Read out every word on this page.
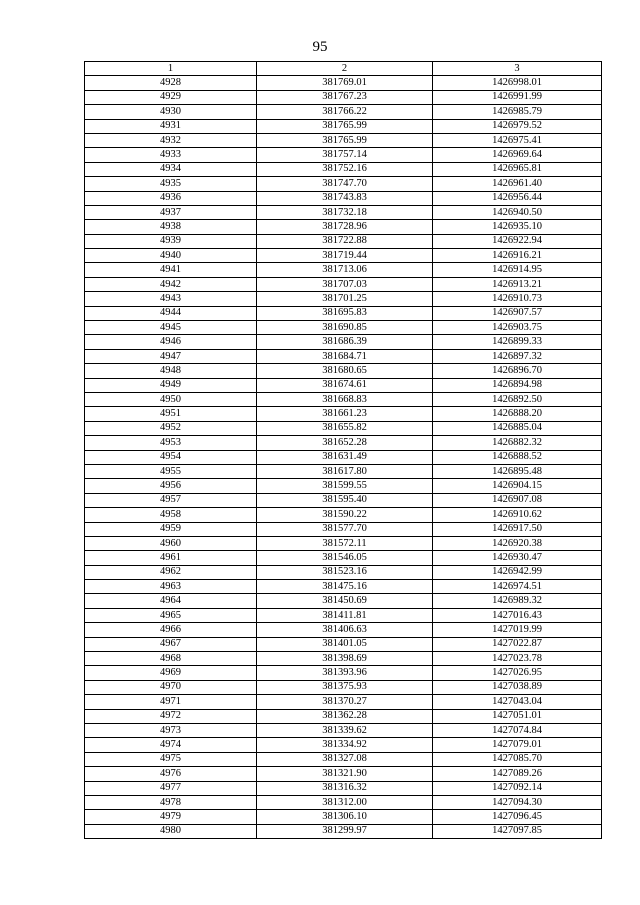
95
1	2	3
4928	381769.01	1426998.01
4929	381767.23	1426991.99
4930	381766.22	1426985.79
4931	381765.99	1426979.52
4932	381765.99	1426975.41
4933	381757.14	1426969.64
4934	381752.16	1426965.81
4935	381747.70	1426961.40
4936	381743.83	1426956.44
4937	381732.18	1426940.50
4938	381728.96	1426935.10
4939	381722.88	1426922.94
4940	381719.44	1426916.21
4941	381713.06	1426914.95
4942	381707.03	1426913.21
4943	381701.25	1426910.73
4944	381695.83	1426907.57
4945	381690.85	1426903.75
4946	381686.39	1426899.33
4947	381684.71	1426897.32
4948	381680.65	1426896.70
4949	381674.61	1426894.98
4950	381668.83	1426892.50
4951	381661.23	1426888.20
4952	381655.82	1426885.04
4953	381652.28	1426882.32
4954	381631.49	1426888.52
4955	381617.80	1426895.48
4956	381599.55	1426904.15
4957	381595.40	1426907.08
4958	381590.22	1426910.62
4959	381577.70	1426917.50
4960	381572.11	1426920.38
4961	381546.05	1426930.47
4962	381523.16	1426942.99
4963	381475.16	1426974.51
4964	381450.69	1426989.32
4965	381411.81	1427016.43
4966	381406.63	1427019.99
4967	381401.05	1427022.87
4968	381398.69	1427023.78
4969	381393.96	1427026.95
4970	381375.93	1427038.89
4971	381370.27	1427043.04
4972	381362.28	1427051.01
4973	381339.62	1427074.84
4974	381334.92	1427079.01
4975	381327.08	1427085.70
4976	381321.90	1427089.26
4977	381316.32	1427092.14
4978	381312.00	1427094.30
4979	381306.10	1427096.45
4980	381299.97	1427097.85
